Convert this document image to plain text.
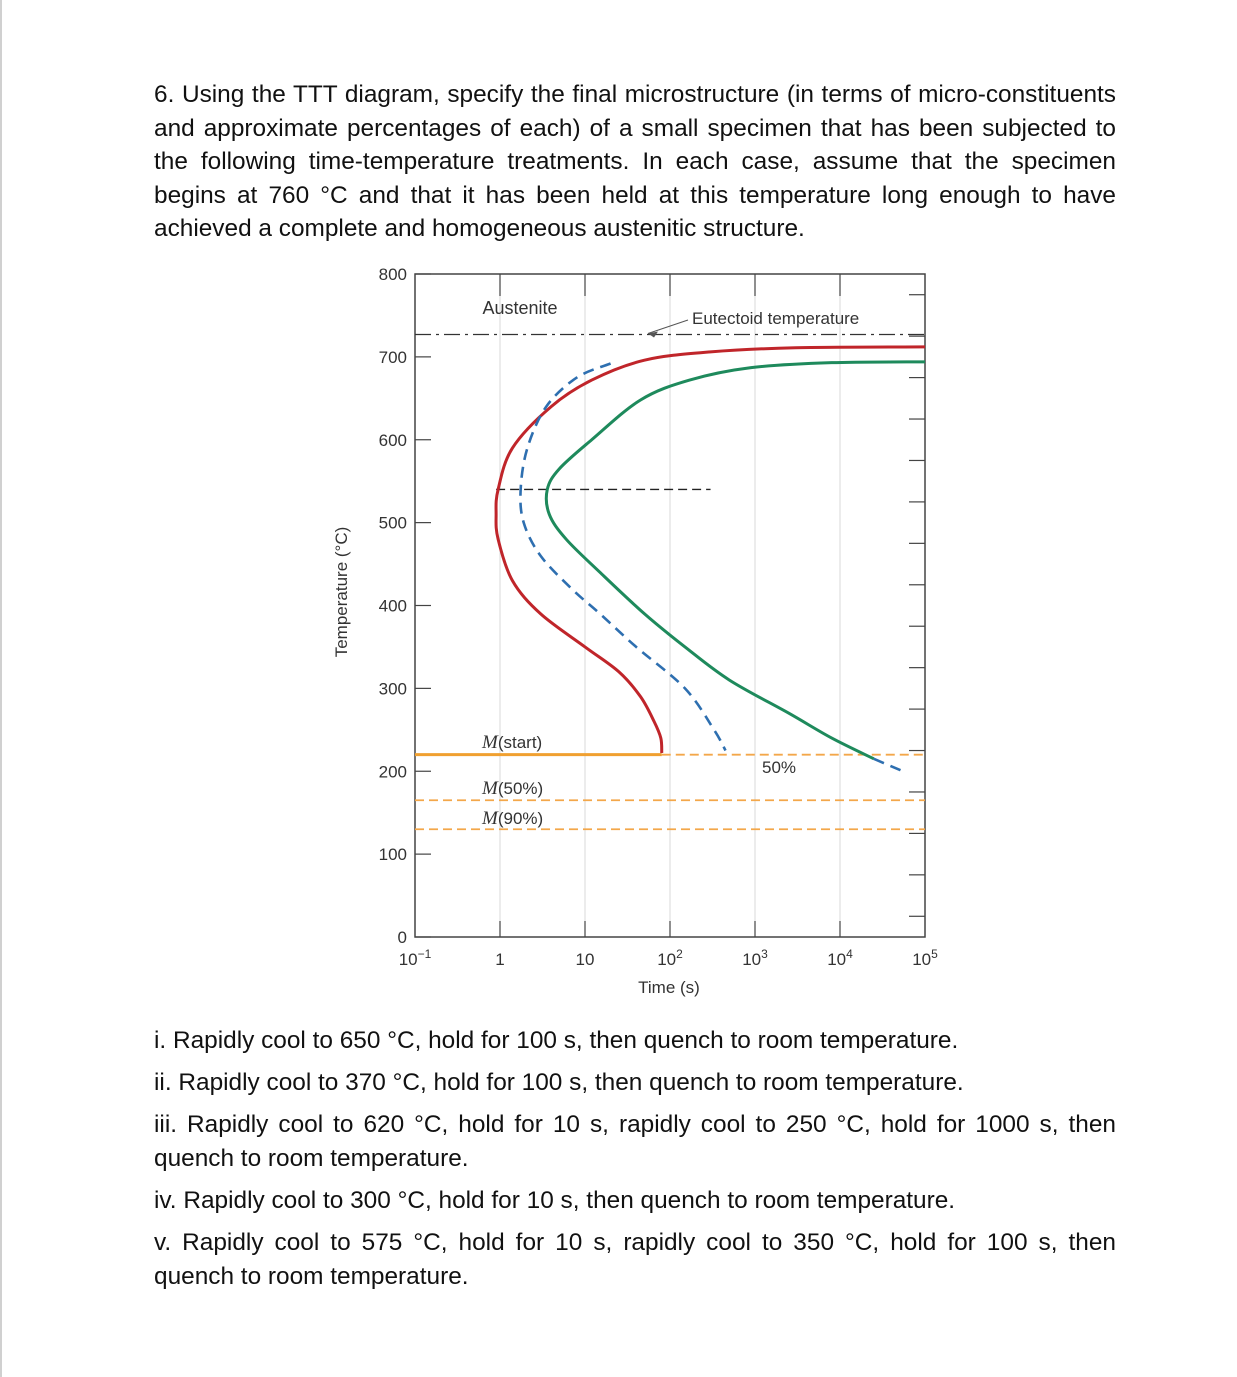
6. Using the TTT diagram, specify the final microstructure (in terms of micro-constituents and approximate percentages of each) of a small specimen that has been subjected to the following time-temperature treatments. In each case, assume that the specimen begins at 760 °C and that it has been held at this temperature long enough to have achieved a complete and homogeneous austenitic structure.

0
100
200
300
400
500
600
700
800
$10^{-1}$	1	10	$10^2$	$10^3$	$10^4$	$10^5$
Temperature (°C)
Time (s)
Austenite
Eutectoid temperature
50%
M(start)
M(50%)
M(90%)
i. Rapidly cool to 650 °C, hold for 100 s, then quench to room temperature.
ii. Rapidly cool to 370 °C, hold for 100 s, then quench to room temperature.
iii. Rapidly cool to 620 °C, hold for 10 s, rapidly cool to 250 °C, hold for 1000 s, then quench to room temperature.
iv. Rapidly cool to 300 °C, hold for 10 s, then quench to room temperature.
v. Rapidly cool to 575 °C, hold for 10 s, rapidly cool to 350 °C, hold for 100 s, then quench to room temperature.
